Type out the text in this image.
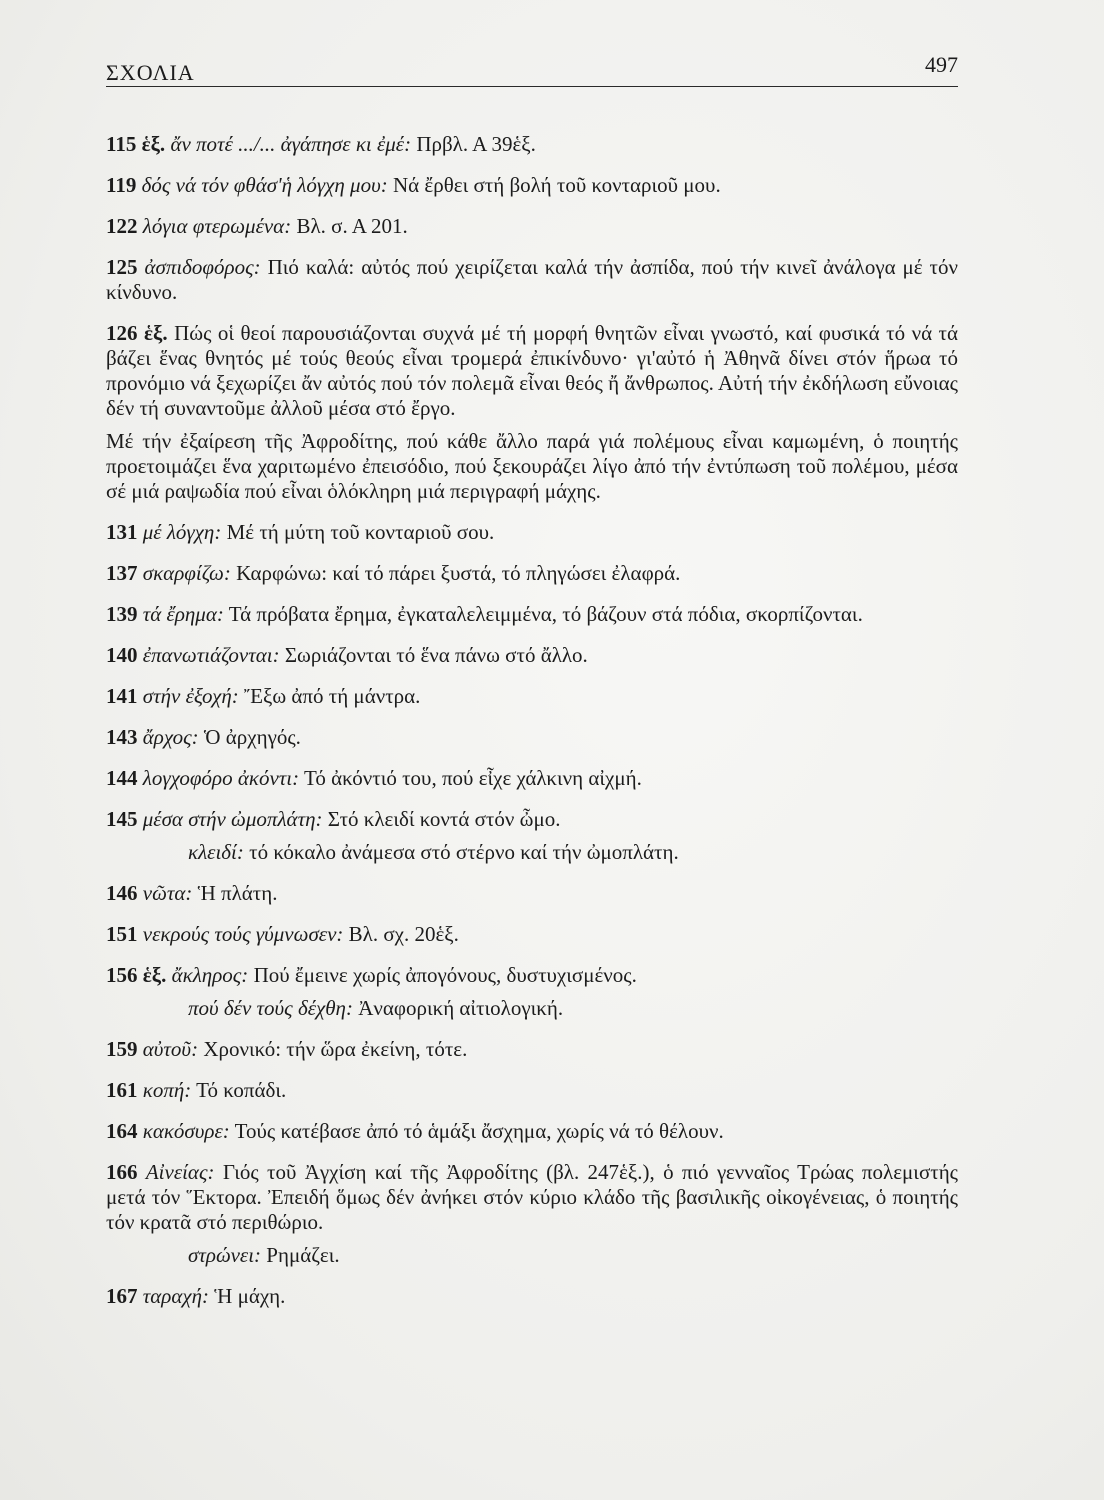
ΣΧΟΛΙΑ	497
115 ἑξ. ἄν ποτέ .../... ἀγάπησε κι ἐμέ: Πρβλ. Α 39ἑξ.
119 δός νά τόν φθάσ'ἡ λόγχη μου: Νά ἔρθει στή βολή τοῦ κονταριοῦ μου.
122 λόγια φτερωμένα: Βλ. σ. Α 201.
125 ἀσπιδοφόρος: Πιό καλά: αὐτός πού χειρίζεται καλά τήν ἀσπίδα, πού τήν κινεῖ ἀνάλογα μέ τόν κίνδυνο.
126 ἑξ. Πώς οἱ θεοί παρουσιάζονται συχνά μέ τή μορφή θνητῶν εἶναι γνωστό, καί φυσικά τό νά τά βάζει ἕνας θνητός μέ τούς θεούς εἶναι τρομερά ἐπικίνδυνο· γι'αὐτό ἡ Ἀθηνᾶ δίνει στόν ἥρωα τό προνόμιο νά ξεχωρίζει ἄν αὐτός πού τόν πολεμᾶ εἶναι θεός ἤ ἄνθρωπος. Αὐτή τήν ἐκδήλωση εὔνοιας δέν τή συναντοῦμε ἀλλοῦ μέσα στό ἔργο.
Μέ τήν ἐξαίρεση τῆς Ἀφροδίτης, πού κάθε ἄλλο παρά γιά πολέμους εἶναι καμωμένη, ὁ ποιητής προετοιμάζει ἕνα χαριτωμένο ἐπεισόδιο, πού ξεκουράζει λίγο ἀπό τήν ἐντύπωση τοῦ πολέμου, μέσα σέ μιά ραψωδία πού εἶναι ὁλόκληρη μιά περιγραφή μάχης.
131 μέ λόγχη: Μέ τή μύτη τοῦ κονταριοῦ σου.
137 σκαρφίζω: Καρφώνω: καί τό πάρει ξυστά, τό πληγώσει ἐλαφρά.
139 τά ἔρημα: Τά πρόβατα ἔρημα, ἐγκαταλελειμμένα, τό βάζουν στά πόδια, σκορπίζονται.
140 ἐπανωτιάζονται: Σωριάζονται τό ἕνα πάνω στό ἄλλο.
141 στήν ἐξοχή: Ἔξω ἀπό τή μάντρα.
143 ἄρχος: Ὁ ἀρχηγός.
144 λογχοφόρο ἀκόντι: Τό ἀκόντιό του, πού εἶχε χάλκινη αἰχμή.
145 μέσα στήν ὠμοπλάτη: Στό κλειδί κοντά στόν ὦμο.
κλειδί: τό κόκαλο ἀνάμεσα στό στέρνο καί τήν ὠμοπλάτη.
146 νῶτα: Ἡ πλάτη.
151 νεκρούς τούς γύμνωσεν: Βλ. σχ. 20ἑξ.
156 ἑξ. ἄκληρος: Πού ἔμεινε χωρίς ἀπογόνους, δυστυχισμένος.
πού δέν τούς δέχθη: Ἀναφορική αἰτιολογική.
159 αὐτοῦ: Χρονικό: τήν ὥρα ἐκείνη, τότε.
161 κοπή: Τό κοπάδι.
164 κακόσυρε: Τούς κατέβασε ἀπό τό ἁμάξι ἄσχημα, χωρίς νά τό θέλουν.
166 Αἰνείας: Γιός τοῦ Ἀγχίση καί τῆς Ἀφροδίτης (βλ. 247ἑξ.), ὁ πιό γενναῖος Τρώας πολεμιστής μετά τόν Ἕκτορα. Ἐπειδή ὅμως δέν ἀνήκει στόν κύριο κλάδο τῆς βασιλικῆς οἰκογένειας, ὁ ποιητής τόν κρατᾶ στό περιθώριο.
στρώνει: Ρημάζει.
167 ταραχή: Ἡ μάχη.
